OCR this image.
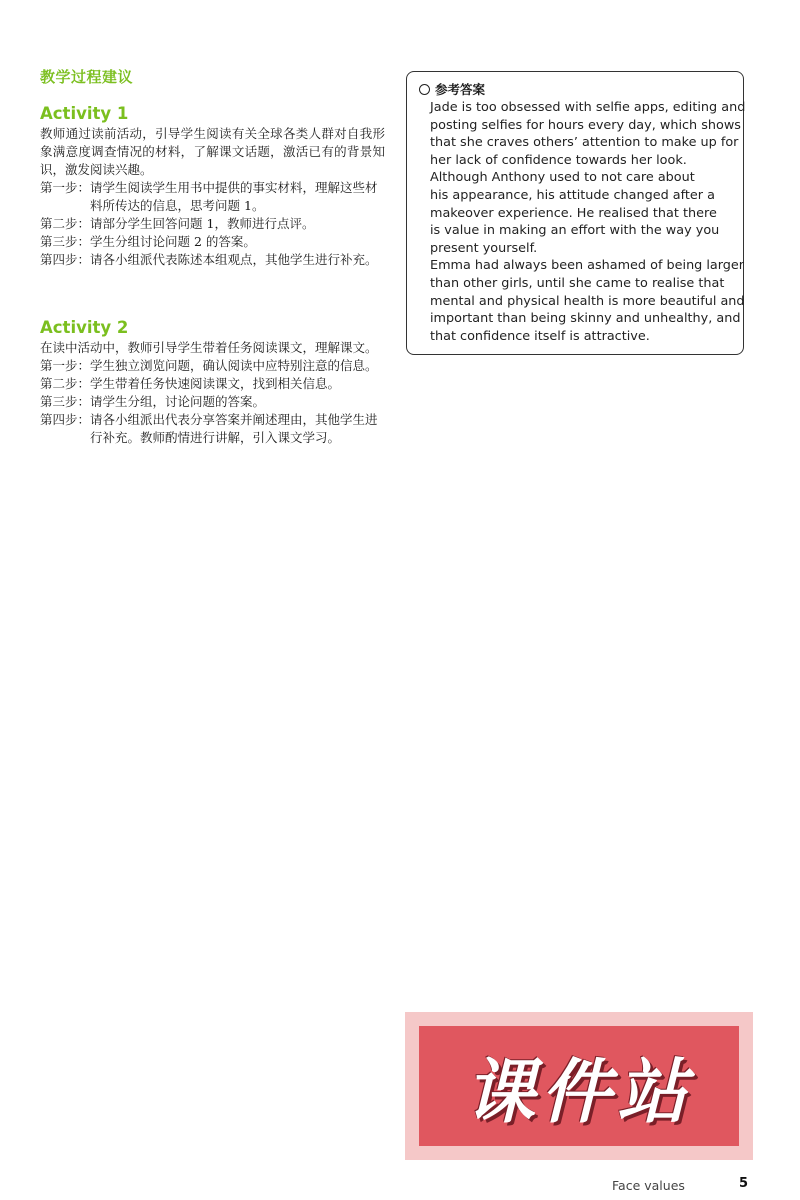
教学过程建议
Activity 1

教师通过读前活动，引导学生阅读有关全球各类人群对自我形象满意度调查情况的材料，了解课文话题，激活已有的背景知识，激发阅读兴趣。

第一步： 请学生阅读学生用书中提供的事实材料，理解这些材料所传达的信息，思考问题 1。
第二步： 请部分学生回答问题 1，教师进行点评。
第三步： 学生分组讨论问题 2 的答案。
第四步： 请各小组派代表陈述本组观点，其他学生进行补充。
Activity 2

在读中活动中，教师引导学生带着任务阅读课文，理解课文。

第一步： 学生独立浏览问题，确认阅读中应特别注意的信息。
第二步： 学生带着任务快速阅读课文，找到相关信息。
第三步： 请学生分组，讨论问题的答案。
第四步： 请各小组派出代表分享答案并阐述理由，其他学生进行补充。教师酌情进行讲解，引入课文学习。
参考答案
Jade is too obsessed with selfie apps, editing and
posting selfies for hours every day, which shows
that she craves others’ attention to make up for
her lack of confidence towards her look.
Although Anthony used to not care about
his appearance, his attitude changed after a
makeover experience. He realised that there
is value in making an effort with the way you
present yourself.
Emma had always been ashamed of being larger
than other girls, until she came to realise that
mental and physical health is more beautiful and
important than being skinny and unhealthy, and
that confidence itself is attractive.
课件站
Face values	5
